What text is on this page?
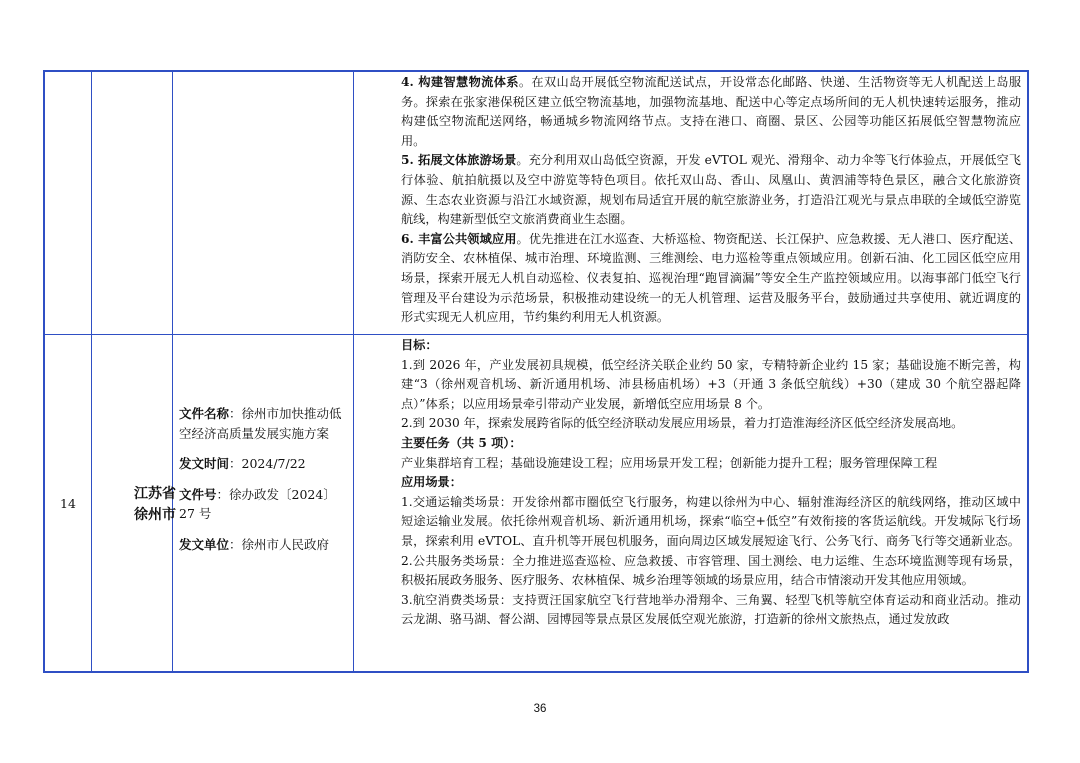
4. 构建智慧物流体系。在双山岛开展低空物流配送试点，开设常态化邮路、快递、生活物资等无人机配送上岛服务。探索在张家港保税区建立低空物流基地，加强物流基地、配送中心等定点场所间的无人机快速转运服务，推动构建低空物流配送网络，畅通城乡物流网络节点。支持在港口、商圈、景区、公园等功能区拓展低空智慧物流应用。

5. 拓展文体旅游场景。充分利用双山岛低空资源，开发 eVTOL 观光、滑翔伞、动力伞等飞行体验点，开展低空飞行体验、航拍航摄以及空中游览等特色项目。依托双山岛、香山、凤凰山、黄泗浦等特色景区，融合文化旅游资源、生态农业资源与沿江水域资源，规划布局适宜开展的航空旅游业务，打造沿江观光与景点串联的全域低空游览航线，构建新型低空文旅消费商业生态圈。

6. 丰富公共领域应用。优先推进在江水巡查、大桥巡检、物资配送、长江保护、应急救援、无人港口、医疗配送、消防安全、农林植保、城市治理、环境监测、三维测绘、电力巡检等重点领域应用。创新石油、化工园区低空应用场景，探索开展无人机自动巡检、仪表复拍、巡视治理“跑冒滴漏”等安全生产监控领域应用。以海事部门低空飞行管理及平台建设为示范场景，积极推动建设统一的无人机管理、运营及服务平台，鼓励通过共享使用、就近调度的形式实现无人机应用，节约集约利用无人机资源。

14
江苏省
徐州市

文件名称：徐州市加快推动低空经济高质量发展实施方案

发文时间：2024/7/22

文件号：徐办政发〔2024〕27 号

发文单位：徐州市人民政府

目标：

1.到 2026 年，产业发展初具规模，低空经济关联企业约 50 家，专精特新企业约 15 家；基础设施不断完善，构建“3（徐州观音机场、新沂通用机场、沛县杨庙机场）+3（开通 3 条低空航线）+30（建成 30 个航空器起降点）”体系；以应用场景牵引带动产业发展，新增低空应用场景 8 个。

2.到 2030 年，探索发展跨省际的低空经济联动发展应用场景，着力打造淮海经济区低空经济发展高地。

主要任务（共 5 项）：

产业集群培育工程；基础设施建设工程；应用场景开发工程；创新能力提升工程；服务管理保障工程

应用场景：

1.交通运输类场景：开发徐州都市圈低空飞行服务，构建以徐州为中心、辐射淮海经济区的航线网络，推动区域中短途运输业发展。依托徐州观音机场、新沂通用机场，探索“临空+低空”有效衔接的客货运航线。开发城际飞行场景，探索利用 eVTOL、直升机等开展包机服务，面向周边区域发展短途飞行、公务飞行、商务飞行等交通新业态。

2.公共服务类场景：全力推进巡查巡检、应急救援、市容管理、国土测绘、电力运维、生态环境监测等现有场景，积极拓展政务服务、医疗服务、农林植保、城乡治理等领域的场景应用，结合市情滚动开发其他应用领域。

3.航空消费类场景：支持贾汪国家航空飞行营地举办滑翔伞、三角翼、轻型飞机等航空体育运动和商业活动。推动云龙湖、骆马湖、督公湖、园博园等景点景区发展低空观光旅游，打造新的徐州文旅热点，通过发放政

36
